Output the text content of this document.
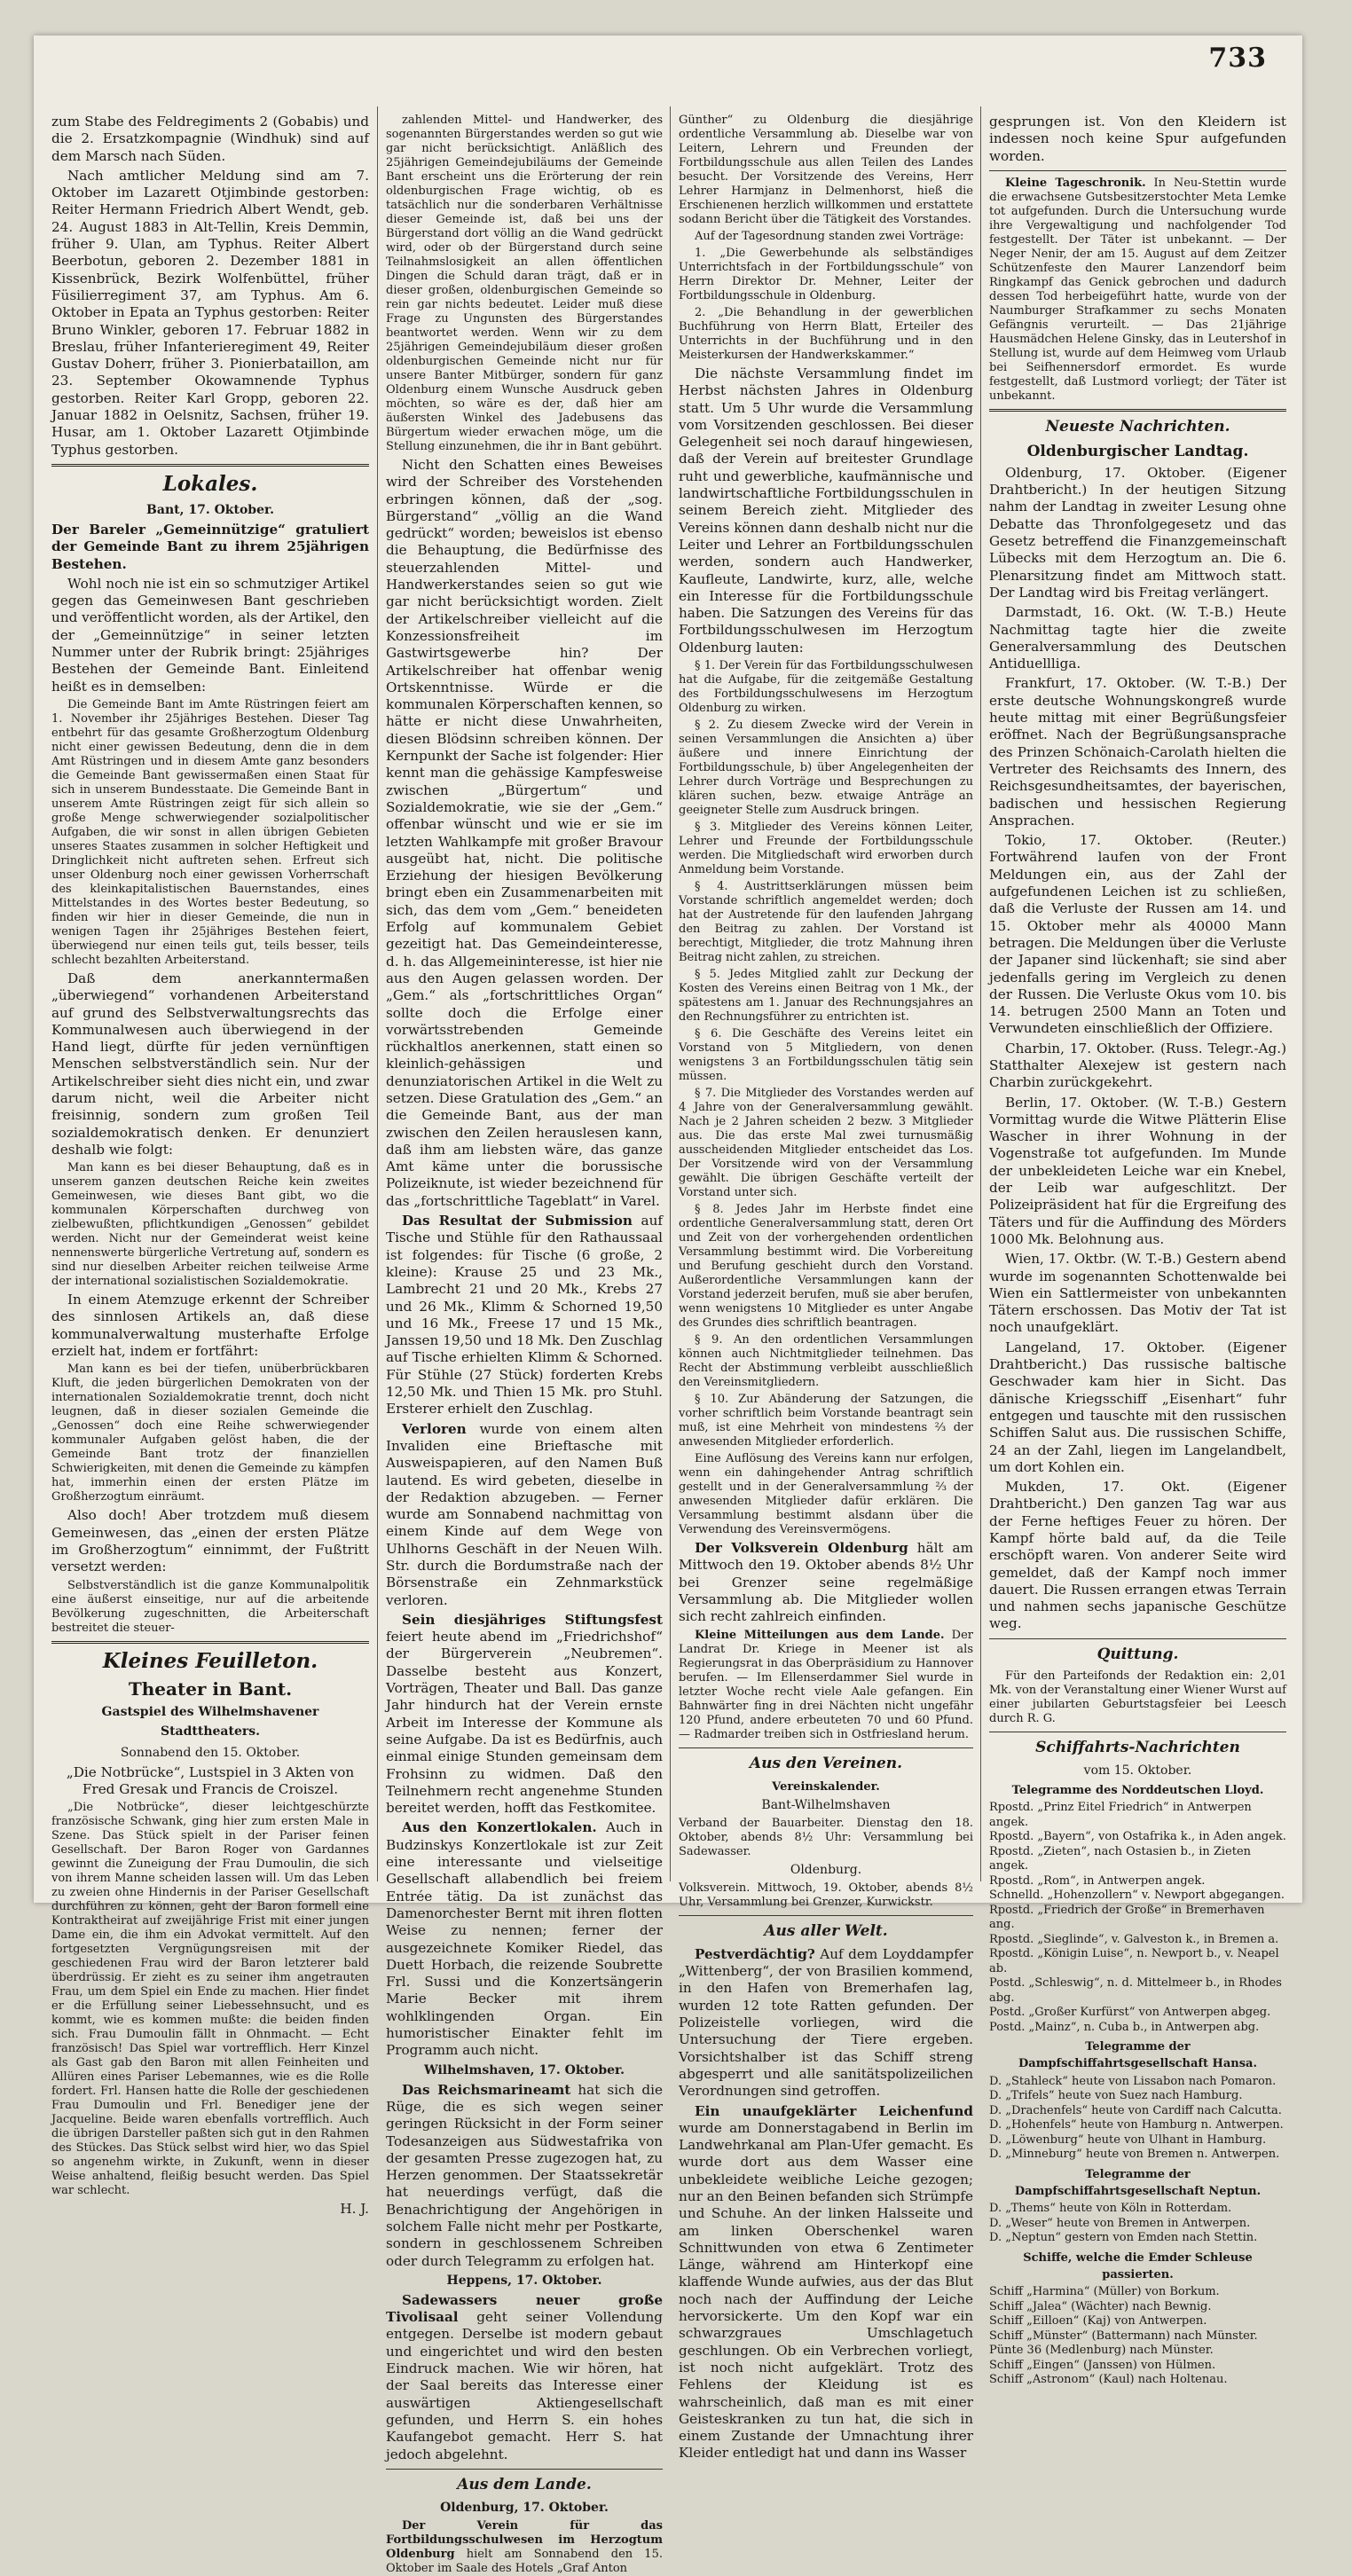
733

zum Stabe des Feldregiments 2 (Gobabis) und die 2. Ersatzkompagnie (Windhuk) sind auf dem Marsch nach Süden.

Nach amtlicher Meldung sind am 7. Oktober im Lazarett Otjimbinde gestorben: Reiter Hermann Friedrich Albert Wendt, geb. 24. August 1883 in Alt-Tellin, Kreis Demmin, früher 9. Ulan, am Typhus. Reiter Albert Beerbotun, geboren 2. Dezember 1881 in Kissenbrück, Bezirk Wolfenbüttel, früher Füsilierregiment 37, am Typhus. Am 6. Oktober in Epata an Typhus gestorben: Reiter Bruno Winkler, geboren 17. Februar 1882 in Breslau, früher Infanterieregiment 49, Reiter Gustav Doherr, früher 3. Pionierbataillon, am 23. September Okowamnende Typhus gestorben. Reiter Karl Gropp, geboren 22. Januar 1882 in Oelsnitz, Sachsen, früher 19. Husar, am 1. Oktober Lazarett Otjimbinde Typhus gestorben.

Lokales.
Bant, 17. Oktober.

Der Bareler „Gemeinnützige“ gratuliert der Gemeinde Bant zu ihrem 25jährigen Bestehen.

Wohl noch nie ist ein so schmutziger Artikel gegen das Gemeinwesen Bant geschrieben und veröffentlicht worden, als der Artikel, den der „Gemeinnützige“ in seiner letzten Nummer unter der Rubrik bringt: 25jähriges Bestehen der Gemeinde Bant. Einleitend heißt es in demselben:

Die Gemeinde Bant im Amte Rüstringen feiert am 1. November ihr 25jähriges Bestehen. Dieser Tag entbehrt für das gesamte Großherzogtum Oldenburg nicht einer gewissen Bedeutung, denn die in dem Amt Rüstringen und in diesem Amte ganz besonders die Gemeinde Bant gewissermaßen einen Staat für sich in unserem Bundesstaate. Die Gemeinde Bant in unserem Amte Rüstringen zeigt für sich allein so große Menge schwerwiegender sozialpolitischer Aufgaben, die wir sonst in allen übrigen Gebieten unseres Staates zusammen in solcher Heftigkeit und Dringlichkeit nicht auftreten sehen. Erfreut sich unser Oldenburg noch einer gewissen Vorherrschaft des kleinkapitalistischen Bauernstandes, eines Mittelstandes in des Wortes bester Bedeutung, so finden wir hier in dieser Gemeinde, die nun in wenigen Tagen ihr 25jähriges Bestehen feiert, überwiegend nur einen teils gut, teils besser, teils schlecht bezahlten Arbeiterstand.

Daß dem anerkanntermaßen „überwiegend“ vorhandenen Arbeiterstand auf grund des Selbstverwaltungsrechts das Kommunalwesen auch überwiegend in der Hand liegt, dürfte für jeden vernünftigen Menschen selbstverständlich sein. Nur der Artikelschreiber sieht dies nicht ein, und zwar darum nicht, weil die Arbeiter nicht freisinnig, sondern zum großen Teil sozialdemokratisch denken. Er denunziert deshalb wie folgt:

Man kann es bei dieser Behauptung, daß es in unserem ganzen deutschen Reiche kein zweites Gemeinwesen, wie dieses Bant gibt, wo die kommunalen Körperschaften durchweg von zielbewußten, pflichtkundigen „Genossen“ gebildet werden. Nicht nur der Gemeinderat weist keine nennenswerte bürgerliche Vertretung auf, sondern es sind nur dieselben Arbeiter reichen teilweise Arme der international sozialistischen Sozialdemokratie.

In einem Atemzuge erkennt der Schreiber des sinnlosen Artikels an, daß diese kommunalverwaltung musterhafte Erfolge erzielt hat, indem er fortfährt:

Man kann es bei der tiefen, unüberbrückbaren Kluft, die jeden bürgerlichen Demokraten von der internationalen Sozialdemokratie trennt, doch nicht leugnen, daß in dieser sozialen Gemeinde die „Genossen“ doch eine Reihe schwerwiegender kommunaler Aufgaben gelöst haben, die der Gemeinde Bant trotz der finanziellen Schwierigkeiten, mit denen die Gemeinde zu kämpfen hat, immerhin einen der ersten Plätze im Großherzogtum einräumt.

Also doch! Aber trotzdem muß diesem Gemeinwesen, das „einen der ersten Plätze im Großherzogtum“ einnimmt, der Fußtritt versetzt werden:

Selbstverständlich ist die ganze Kommunalpolitik eine äußerst einseitige, nur auf die arbeitende Bevölkerung zugeschnitten, die Arbeiterschaft bestreitet die steuer-

Kleines Feuilleton.
Theater in Bant.
Gastspiel des Wilhelmshavener Stadttheaters.
Sonnabend den 15. Oktober.

„Die Notbrücke“, Lustspiel in 3 Akten von Fred Gresak und Francis de Croiszel.

„Die Notbrücke“, dieser leichtgeschürzte französische Schwank, ging hier zum ersten Male in Szene. Das Stück spielt in der Pariser feinen Gesellschaft. Der Baron Roger von Gardannes gewinnt die Zuneigung der Frau Dumoulin, die sich von ihrem Manne scheiden lassen will. Um das Leben zu zweien ohne Hindernis in der Pariser Gesellschaft durchführen zu können, geht der Baron formell eine Kontraktheirat auf zweijährige Frist mit einer jungen Dame ein, die ihm ein Advokat vermittelt. Auf den fortgesetzten Vergnügungsreisen mit der geschiedenen Frau wird der Baron letzterer bald überdrüssig. Er zieht es zu seiner ihm angetrauten Frau, um dem Spiel ein Ende zu machen. Hier findet er die Erfüllung seiner Liebessehnsucht, und es kommt, wie es kommen mußte: die beiden finden sich. Frau Dumoulin fällt in Ohnmacht. — Echt französisch! Das Spiel war vortrefflich. Herr Kinzel als Gast gab den Baron mit allen Feinheiten und Allüren eines Pariser Lebemannes, wie es die Rolle fordert. Frl. Hansen hatte die Rolle der geschiedenen Frau Dumoulin und Frl. Benediger jene der Jacqueline. Beide waren ebenfalls vortrefflich. Auch die übrigen Darsteller paßten sich gut in den Rahmen des Stückes. Das Stück selbst wird hier, wo das Spiel so angenehm wirkte, in Zukunft, wenn in dieser Weise anhaltend, fleißig besucht werden. Das Spiel war schlecht.

H. J.

zahlenden Mittel- und Handwerker, des sogenannten Bürgerstandes werden so gut wie gar nicht berücksichtigt. Anläßlich des 25jährigen Gemeindejubiläums der Gemeinde Bant erscheint uns die Erörterung der rein oldenburgischen Frage wichtig, ob es tatsächlich nur die sonderbaren Verhältnisse dieser Gemeinde ist, daß bei uns der Bürgerstand dort völlig an die Wand gedrückt wird, oder ob der Bürgerstand durch seine Teilnahmslosigkeit an allen öffentlichen Dingen die Schuld daran trägt, daß er in dieser großen, oldenburgischen Gemeinde so rein gar nichts bedeutet. Leider muß diese Frage zu Ungunsten des Bürgerstandes beantwortet werden. Wenn wir zu dem 25jährigen Gemeindejubiläum dieser großen oldenburgischen Gemeinde nicht nur für unsere Banter Mitbürger, sondern für ganz Oldenburg einem Wunsche Ausdruck geben möchten, so wäre es der, daß hier am äußersten Winkel des Jadebusens das Bürgertum wieder erwachen möge, um die Stellung einzunehmen, die ihr in Bant gebührt.

Nicht den Schatten eines Beweises wird der Schreiber des Vorstehenden erbringen können, daß der „sog. Bürgerstand“ „völlig an die Wand gedrückt“ worden; beweislos ist ebenso die Behauptung, die Bedürfnisse des steuerzahlenden Mittel- und Handwerkerstandes seien so gut wie gar nicht berücksichtigt worden. Zielt der Artikelschreiber vielleicht auf die Konzessionsfreiheit im Gastwirtsgewerbe hin? Der Artikelschreiber hat offenbar wenig Ortskenntnisse. Würde er die kommunalen Körperschaften kennen, so hätte er nicht diese Unwahrheiten, diesen Blödsinn schreiben können. Der Kernpunkt der Sache ist folgender: Hier kennt man die gehässige Kampfesweise zwischen „Bürgertum“ und Sozialdemokratie, wie sie der „Gem.“ offenbar wünscht und wie er sie im letzten Wahlkampfe mit großer Bravour ausgeübt hat, nicht. Die politische Erziehung der hiesigen Bevölkerung bringt eben ein Zusammenarbeiten mit sich, das dem vom „Gem.“ beneideten Erfolg auf kommunalem Gebiet gezeitigt hat. Das Gemeindeinteresse, d. h. das Allgemeininteresse, ist hier nie aus den Augen gelassen worden. Der „Gem.“ als „fortschrittliches Organ“ sollte doch die Erfolge einer vorwärtsstrebenden Gemeinde rückhaltlos anerkennen, statt einen so kleinlich-gehässigen und denunziatorischen Artikel in die Welt zu setzen. Diese Gratulation des „Gem.“ an die Gemeinde Bant, aus der man zwischen den Zeilen herauslesen kann, daß ihm am liebsten wäre, das ganze Amt käme unter die borussische Polizeiknute, ist wieder bezeichnend für das „fortschrittliche Tageblatt“ in Varel.

Das Resultat der Submission auf Tische und Stühle für den Rathaussaal ist folgendes: für Tische (6 große, 2 kleine): Krause 25 und 23 Mk., Lambrecht 21 und 20 Mk., Krebs 27 und 26 Mk., Klimm & Schorned 19,50 und 16 Mk., Freese 17 und 15 Mk., Janssen 19,50 und 18 Mk. Den Zuschlag auf Tische erhielten Klimm & Schorned. Für Stühle (27 Stück) forderten Krebs 12,50 Mk. und Thien 15 Mk. pro Stuhl. Ersterer erhielt den Zuschlag.

Verloren wurde von einem alten Invaliden eine Brieftasche mit Ausweispapieren, auf den Namen Buß lautend. Es wird gebeten, dieselbe in der Redaktion abzugeben. — Ferner wurde am Sonnabend nachmittag von einem Kinde auf dem Wege von Uhlhorns Geschäft in der Neuen Wilh. Str. durch die Bordumstraße nach der Börsenstraße ein Zehnmarkstück verloren.

Sein diesjähriges Stiftungsfest feiert heute abend im „Friedrichshof“ der Bürgerverein „Neubremen“. Dasselbe besteht aus Konzert, Vorträgen, Theater und Ball. Das ganze Jahr hindurch hat der Verein ernste Arbeit im Interesse der Kommune als seine Aufgabe. Da ist es Bedürfnis, auch einmal einige Stunden gemeinsam dem Frohsinn zu widmen. Daß den Teilnehmern recht angenehme Stunden bereitet werden, hofft das Festkomitee.

Aus den Konzertlokalen. Auch in Budzinskys Konzertlokale ist zur Zeit eine interessante und vielseitige Gesellschaft allabendlich bei freiem Entrée tätig. Da ist zunächst das Damenorchester Bernt mit ihren flotten Weise zu nennen; ferner der ausgezeichnete Komiker Riedel, das Duett Horbach, die reizende Soubrette Frl. Sussi und die Konzertsängerin Marie Becker mit ihrem wohlklingenden Organ. Ein humoristischer Einakter fehlt im Programm auch nicht.

Wilhelmshaven, 17. Oktober.

Das Reichsmarineamt hat sich die Rüge, die es sich wegen seiner geringen Rücksicht in der Form seiner Todesanzeigen aus Südwestafrika von der gesamten Presse zugezogen hat, zu Herzen genommen. Der Staatssekretär hat neuerdings verfügt, daß die Benachrichtigung der Angehörigen in solchem Falle nicht mehr per Postkarte, sondern in geschlossenem Schreiben oder durch Telegramm zu erfolgen hat.

Heppens, 17. Oktober.

Sadewassers neuer große Tivolisaal geht seiner Vollendung entgegen. Derselbe ist modern gebaut und eingerichtet und wird den besten Eindruck machen. Wie wir hören, hat der Saal bereits das Interesse einer auswärtigen Aktiengesellschaft gefunden, und Herrn S. ein hohes Kaufangebot gemacht. Herr S. hat jedoch abgelehnt.

Aus dem Lande.
Oldenburg, 17. Oktober.

Der Verein für das Fortbildungsschulwesen im Herzogtum Oldenburg hielt am Sonnabend den 15. Oktober im Saale des Hotels „Graf Anton

Günther“ zu Oldenburg die diesjährige ordentliche Versammlung ab. Dieselbe war von Leitern, Lehrern und Freunden der Fortbildungsschule aus allen Teilen des Landes besucht. Der Vorsitzende des Vereins, Herr Lehrer Harmjanz in Delmenhorst, hieß die Erschienenen herzlich willkommen und erstattete sodann Bericht über die Tätigkeit des Vorstandes.

Auf der Tagesordnung standen zwei Vorträge:

1. „Die Gewerbehunde als selbständiges Unterrichtsfach in der Fortbildungsschule“ von Herrn Direktor Dr. Mehner, Leiter der Fortbildungsschule in Oldenburg.

2. „Die Behandlung in der gewerblichen Buchführung von Herrn Blatt, Erteiler des Unterrichts in der Buchführung und in den Meisterkursen der Handwerkskammer.“

Die nächste Versammlung findet im Herbst nächsten Jahres in Oldenburg statt. Um 5 Uhr wurde die Versammlung vom Vorsitzenden geschlossen. Bei dieser Gelegenheit sei noch darauf hingewiesen, daß der Verein auf breitester Grundlage ruht und gewerbliche, kaufmännische und landwirtschaftliche Fortbildungsschulen in seinem Bereich zieht. Mitglieder des Vereins können dann deshalb nicht nur die Leiter und Lehrer an Fortbildungsschulen werden, sondern auch Handwerker, Kaufleute, Landwirte, kurz, alle, welche ein Interesse für die Fortbildungsschule haben. Die Satzungen des Vereins für das Fortbildungsschulwesen im Herzogtum Oldenburg lauten:

§ 1. Der Verein für das Fortbildungsschulwesen hat die Aufgabe, für die zeitgemäße Gestaltung des Fortbildungsschulwesens im Herzogtum Oldenburg zu wirken.

§ 2. Zu diesem Zwecke wird der Verein in seinen Versammlungen die Ansichten a) über äußere und innere Einrichtung der Fortbildungsschule, b) über Angelegenheiten der Lehrer durch Vorträge und Besprechungen zu klären suchen, bezw. etwaige Anträge an geeigneter Stelle zum Ausdruck bringen.

§ 3. Mitglieder des Vereins können Leiter, Lehrer und Freunde der Fortbildungsschule werden. Die Mitgliedschaft wird erworben durch Anmeldung beim Vorstande.

§ 4. Austrittserklärungen müssen beim Vorstande schriftlich angemeldet werden; doch hat der Austretende für den laufenden Jahrgang den Beitrag zu zahlen. Der Vorstand ist berechtigt, Mitglieder, die trotz Mahnung ihren Beitrag nicht zahlen, zu streichen.

§ 5. Jedes Mitglied zahlt zur Deckung der Kosten des Vereins einen Beitrag von 1 Mk., der spätestens am 1. Januar des Rechnungsjahres an den Rechnungsführer zu entrichten ist.

§ 6. Die Geschäfte des Vereins leitet ein Vorstand von 5 Mitgliedern, von denen wenigstens 3 an Fortbildungsschulen tätig sein müssen.

§ 7. Die Mitglieder des Vorstandes werden auf 4 Jahre von der Generalversammlung gewählt. Nach je 2 Jahren scheiden 2 bezw. 3 Mitglieder aus. Die das erste Mal zwei turnusmäßig ausscheidenden Mitglieder entscheidet das Los. Der Vorsitzende wird von der Versammlung gewählt. Die übrigen Geschäfte verteilt der Vorstand unter sich.

§ 8. Jedes Jahr im Herbste findet eine ordentliche Generalversammlung statt, deren Ort und Zeit von der vorhergehenden ordentlichen Versammlung bestimmt wird. Die Vorbereitung und Berufung geschieht durch den Vorstand. Außerordentliche Versammlungen kann der Vorstand jederzeit berufen, muß sie aber berufen, wenn wenigstens 10 Mitglieder es unter Angabe des Grundes dies schriftlich beantragen.

§ 9. An den ordentlichen Versammlungen können auch Nichtmitglieder teilnehmen. Das Recht der Abstimmung verbleibt ausschließlich den Vereinsmitgliedern.

§ 10. Zur Abänderung der Satzungen, die vorher schriftlich beim Vorstande beantragt sein muß, ist eine Mehrheit von mindestens ⅔ der anwesenden Mitglieder erforderlich.

Eine Auflösung des Vereins kann nur erfolgen, wenn ein dahingehender Antrag schriftlich gestellt und in der Generalversammlung ⅔ der anwesenden Mitglieder dafür erklären. Die Versammlung bestimmt alsdann über die Verwendung des Vereinsvermögens.

Der Volksverein Oldenburg hält am Mittwoch den 19. Oktober abends 8½ Uhr bei Grenzer seine regelmäßige Versammlung ab. Die Mitglieder wollen sich recht zahlreich einfinden.

Kleine Mitteilungen aus dem Lande. Der Landrat Dr. Kriege in Meener ist als Regierungsrat in das Oberpräsidium zu Hannover berufen. — Im Ellenserdammer Siel wurde in letzter Woche recht viele Aale gefangen. Ein Bahnwärter fing in drei Nächten nicht ungefähr 120 Pfund, andere erbeuteten 70 und 60 Pfund. — Radmarder treiben sich in Ostfriesland herum.

Aus den Vereinen.
Vereinskalender.
Bant-Wilhelmshaven

Verband der Bauarbeiter. Dienstag den 18. Oktober, abends 8½ Uhr: Versammlung bei Sadewasser.

Oldenburg.

Volksverein. Mittwoch, 19. Oktober, abends 8½ Uhr, Versammlung bei Grenzer, Kurwickstr.

Aus aller Welt.

Pestverdächtig? Auf dem Loyddampfer „Wittenberg“, der von Brasilien kommend, in den Hafen von Bremerhafen lag, wurden 12 tote Ratten gefunden. Der Polizeistelle vorliegen, wird die Untersuchung der Tiere ergeben. Vorsichtshalber ist das Schiff streng abgesperrt und alle sanitätspolizeilichen Verordnungen sind getroffen.

Ein unaufgeklärter Leichenfund wurde am Donnerstagabend in Berlin im Landwehrkanal am Plan-Ufer gemacht. Es wurde dort aus dem Wasser eine unbekleidete weibliche Leiche gezogen; nur an den Beinen befanden sich Strümpfe und Schuhe. An der linken Halsseite und am linken Oberschenkel waren Schnittwunden von etwa 6 Zentimeter Länge, während am Hinterkopf eine klaffende Wunde aufwies, aus der das Blut noch nach der Auffindung der Leiche hervorsickerte. Um den Kopf war ein schwarzgraues Umschlagetuch geschlungen. Ob ein Verbrechen vorliegt, ist noch nicht aufgeklärt. Trotz des Fehlens der Kleidung ist es wahrscheinlich, daß man es mit einer Geisteskranken zu tun hat, die sich in einem Zustande der Umnachtung ihrer Kleider entledigt hat und dann ins Wasser

gesprungen ist. Von den Kleidern ist indessen noch keine Spur aufgefunden worden.

Kleine Tageschronik. In Neu-Stettin wurde die erwachsene Gutsbesitzerstochter Meta Lemke tot aufgefunden. Durch die Untersuchung wurde ihre Vergewaltigung und nachfolgender Tod festgestellt. Der Täter ist unbekannt. — Der Neger Nenir, der am 15. August auf dem Zeitzer Schützenfeste den Maurer Lanzendorf beim Ringkampf das Genick gebrochen und dadurch dessen Tod herbeigeführt hatte, wurde von der Naumburger Strafkammer zu sechs Monaten Gefängnis verurteilt. — Das 21jährige Hausmädchen Helene Ginsky, das in Leutershof in Stellung ist, wurde auf dem Heimweg vom Urlaub bei Seifhennersdorf ermordet. Es wurde festgestellt, daß Lustmord vorliegt; der Täter ist unbekannt.

Neueste Nachrichten.
Oldenburgischer Landtag.

Oldenburg, 17. Oktober. (Eigener Drahtbericht.) In der heutigen Sitzung nahm der Landtag in zweiter Lesung ohne Debatte das Thronfolgegesetz und das Gesetz betreffend die Finanzgemeinschaft Lübecks mit dem Herzogtum an. Die 6. Plenarsitzung findet am Mittwoch statt. Der Landtag wird bis Freitag verlängert.

Darmstadt, 16. Okt. (W. T.-B.) Heute Nachmittag tagte hier die zweite Generalversammlung des Deutschen Antiduellliga.

Frankfurt, 17. Oktober. (W. T.-B.) Der erste deutsche Wohnungskongreß wurde heute mittag mit einer Begrüßungsfeier eröffnet. Nach der Begrüßungsansprache des Prinzen Schönaich-Carolath hielten die Vertreter des Reichsamts des Innern, des Reichsgesundheitsamtes, der bayerischen, badischen und hessischen Regierung Ansprachen.

Tokio, 17. Oktober. (Reuter.) Fortwährend laufen von der Front Meldungen ein, aus der Zahl der aufgefundenen Leichen ist zu schließen, daß die Verluste der Russen am 14. und 15. Oktober mehr als 40000 Mann betragen. Die Meldungen über die Verluste der Japaner sind lückenhaft; sie sind aber jedenfalls gering im Vergleich zu denen der Russen. Die Verluste Okus vom 10. bis 14. betrugen 2500 Mann an Toten und Verwundeten einschließlich der Offiziere.

Charbin, 17. Oktober. (Russ. Telegr.-Ag.) Statthalter Alexejew ist gestern nach Charbin zurückgekehrt.

Berlin, 17. Oktober. (W. T.-B.) Gestern Vormittag wurde die Witwe Plätterin Elise Wascher in ihrer Wohnung in der Vogenstraße tot aufgefunden. Im Munde der unbekleideten Leiche war ein Knebel, der Leib war aufgeschlitzt. Der Polizeipräsident hat für die Ergreifung des Täters und für die Auffindung des Mörders 1000 Mk. Belohnung aus.

Wien, 17. Oktbr. (W. T.-B.) Gestern abend wurde im sogenannten Schottenwalde bei Wien ein Sattlermeister von unbekannten Tätern erschossen. Das Motiv der Tat ist noch unaufgeklärt.

Langeland, 17. Oktober. (Eigener Drahtbericht.) Das russische baltische Geschwader kam hier in Sicht. Das dänische Kriegsschiff „Eisenhart“ fuhr entgegen und tauschte mit den russischen Schiffen Salut aus. Die russischen Schiffe, 24 an der Zahl, liegen im Langelandbelt, um dort Kohlen ein.

Mukden, 17. Okt. (Eigener Drahtbericht.) Den ganzen Tag war aus der Ferne heftiges Feuer zu hören. Der Kampf hörte bald auf, da die Teile erschöpft waren. Von anderer Seite wird gemeldet, daß der Kampf noch immer dauert. Die Russen errangen etwas Terrain und nahmen sechs japanische Geschütze weg.

Quittung.

Für den Parteifonds der Redaktion ein: 2,01 Mk. von der Veranstaltung einer Wiener Wurst auf einer jubilarten Geburtstagsfeier bei Leesch durch R. G.

Schiffahrts-Nachrichten
vom 15. Oktober.
Telegramme des Norddeutschen Lloyd.
Rpostd. „Prinz Eitel Friedrich“ in Antwerpen angek.
Rpostd. „Bayern“, von Ostafrika k., in Aden angek.
Rpostd. „Zieten“, nach Ostasien b., in Zieten angek.
Rpostd. „Rom“, in Antwerpen angek.
Schnelld. „Hohenzollern“ v. Newport abgegangen.
Rpostd. „Friedrich der Große“ in Bremerhaven ang.
Rpostd. „Sieglinde“, v. Galveston k., in Bremen a.
Rpostd. „Königin Luise“, n. Newport b., v. Neapel ab.
Postd. „Schleswig“, n. d. Mittelmeer b., in Rhodes abg.
Postd. „Großer Kurfürst“ von Antwerpen abgeg.
Postd. „Mainz“, n. Cuba b., in Antwerpen abg.
Telegramme der Dampfschiffahrtsgesellschaft Hansa.
D. „Stahleck“ heute von Lissabon nach Pomaron.
D. „Trifels“ heute von Suez nach Hamburg.
D. „Drachenfels“ heute von Cardiff nach Calcutta.
D. „Hohenfels“ heute von Hamburg n. Antwerpen.
D. „Löwenburg“ heute von Ulhant in Hamburg.
D. „Minneburg“ heute von Bremen n. Antwerpen.
Telegramme der Dampfschiffahrtsgesellschaft Neptun.
D. „Thems“ heute von Köln in Rotterdam.
D. „Weser“ heute von Bremen in Antwerpen.
D. „Neptun“ gestern von Emden nach Stettin.
Schiffe, welche die Emder Schleuse passierten.
Schiff „Harmina“ (Müller) von Borkum.
Schiff „Jalea“ (Wächter) nach Bewnig.
Schiff „Eilloen“ (Kaj) von Antwerpen.
Schiff „Münster“ (Battermann) nach Münster.
Pünte 36 (Medlenburg) nach Münster.
Schiff „Eingen“ (Janssen) von Hülmen.
Schiff „Astronom“ (Kaul) nach Holtenau.
